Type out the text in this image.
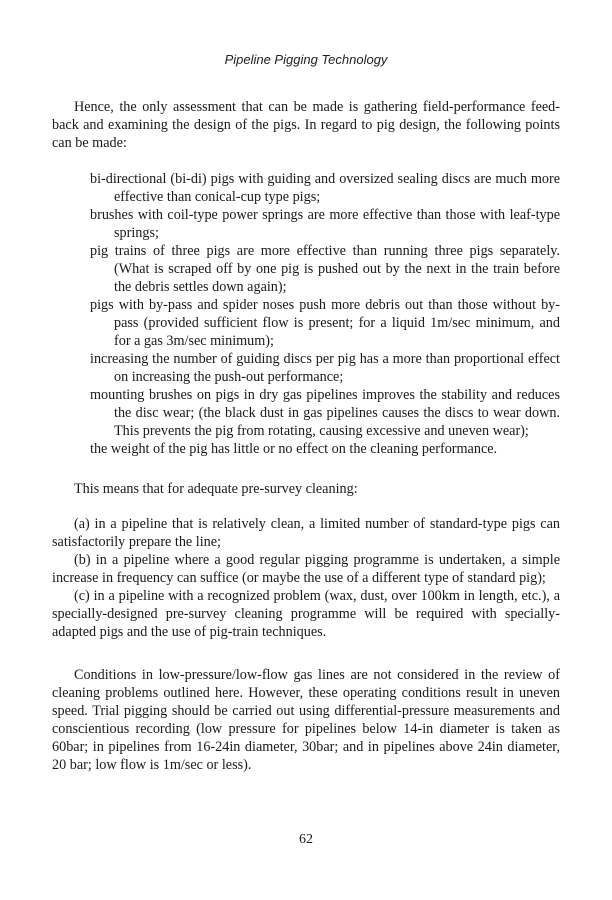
Pipeline Pigging Technology

Hence, the only assessment that can be made is gathering field-performance feed-back and examining the design of the pigs. In regard to pig design, the following points can be made:

bi-directional (bi-di) pigs with guiding and oversized sealing discs are much more effective than conical-cup type pigs;

brushes with coil-type power springs are more effective than those with leaf-type springs;

pig trains of three pigs are more effective than running three pigs separately. (What is scraped off by one pig is pushed out by the next in the train before the debris settles down again);

pigs with by-pass and spider noses push more debris out than those without by-pass (provided sufficient flow is present; for a liquid 1m/sec minimum, and for a gas 3m/sec minimum);

increasing the number of guiding discs per pig has a more than proportional effect on increasing the push-out performance;

mounting brushes on pigs in dry gas pipelines improves the stability and reduces the disc wear; (the black dust in gas pipelines causes the discs to wear down. This prevents the pig from rotating, causing excessive and uneven wear);

the weight of the pig has little or no effect on the cleaning performance.

This means that for adequate pre-survey cleaning:

(a) in a pipeline that is relatively clean, a limited number of standard-type pigs can satisfactorily prepare the line;

(b) in a pipeline where a good regular pigging programme is undertaken, a simple increase in frequency can suffice (or maybe the use of a different type of standard pig);

(c) in a pipeline with a recognized problem (wax, dust, over 100km in length, etc.), a specially-designed pre-survey cleaning programme will be required with specially-adapted pigs and the use of pig-train techniques.

Conditions in low-pressure/low-flow gas lines are not considered in the review of cleaning problems outlined here. However, these operating conditions result in uneven speed. Trial pigging should be carried out using differential-pressure measurements and conscientious recording (low pressure for pipelines below 14-in diameter is taken as 60bar; in pipelines from 16-24in diameter, 30bar; and in pipelines above 24in diameter, 20 bar; low flow is 1m/sec or less).

62
